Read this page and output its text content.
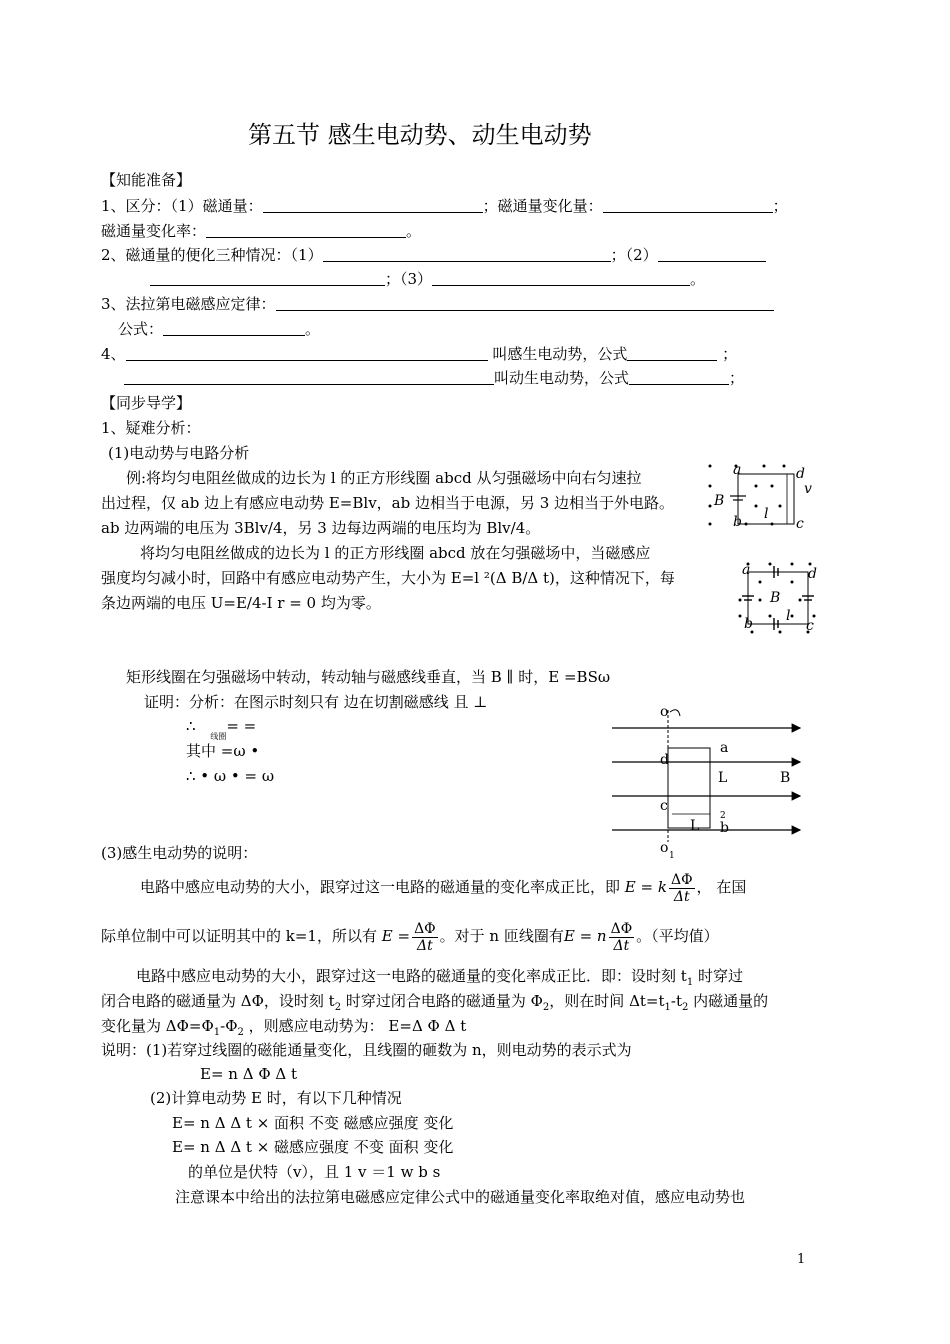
第五节 感生电动势、动生电动势
【知能准备】
1、区分：（1）磁通量：	；磁通量变化量：	；
磁通量变化率：	。
2、磁通量的便化三种情况：（1）	；（2）
；（3）	。
3、法拉第电磁感应定律：
公式：	。
4、	叫感生电动势，公式	；
叫动生电动势，公式	；
【同步导学】
1、疑难分析：
(1)电动势与电路分析
例:将均匀电阻丝做成的边长为 l 的正方形线圈 abcd 从匀强磁场中向右匀速拉
出过程，仅 ab 边上有感应电动势 E=Blv，ab 边相当于电源，另 3 边相当于外电路。
ab 边两端的电压为 3Blv/4，另 3 边每边两端的电压均为 Blv/4。
a	d
v
B
b l
c
将均匀电阻丝做成的边长为 l 的正方形线圈 abcd 放在匀强磁场中，当磁感应
强度均匀减小时，回路中有感应电动势产生，大小为 E=l ²(Δ B/Δ t)，这种情况下，每
条边两端的电压 U=E/4-I r = 0 均为零。
a	d
B
b l
c
矩形线圈在匀强磁场中转动，转动轴与磁感线垂直，当 B ∥ 时，E =BSω
证明：分析：在图示时刻只有 边在切割磁感线 且 ⊥
∴ $_{线圈}$= =
其中 =ω •
∴ • ω • = ω
o
a
d
L	B
c
2
L b
o 1
(3)感生电动势的说明：
电路中感应电动势的大小，跟穿过这一电路的磁通量的变化率成正比，即 E = k $\frac{\Delta\Phi}{\Delta t}$ ， 在国
际单位制中可以证明其中的 k=1，所以有 $E = \frac{\Delta\Phi}{\Delta t}$ 。对于 n 匝线圈有E = n $\frac{\Delta\Phi}{\Delta t}$ 。（平均值）
电路中感应电动势的大小，跟穿过这一电路的磁通量的变化率成正比．即：设时刻 $t_1$ 时穿过
闭合电路的磁通量为 ΔΦ，设时刻 $t_2$ 时穿过闭合电路的磁通量为 $\Phi_2$，则在时间 $\Delta t=t_1-t_2$ 内磁通量的
变化量为 $\Delta\Phi=\Phi_1-\Phi_2$ ，则感应电动势为： E=Δ Φ Δ t
说明：(1)若穿过线圈的磁能通量变化，且线圈的砸数为 n，则电动势的表示式为
E= n Δ Φ Δ t
(2)计算电动势 E 时，有以下几种情况
E= n Δ Δ t × 面积 不变 磁感应强度 变化
E= n Δ Δ t × 磁感应强度 不变 面积 变化
的单位是伏特（v），且 1 v ＝1 w b s
注意课本中给出的法拉第电磁感应定律公式中的磁通量变化率取绝对值，感应电动势也
1
